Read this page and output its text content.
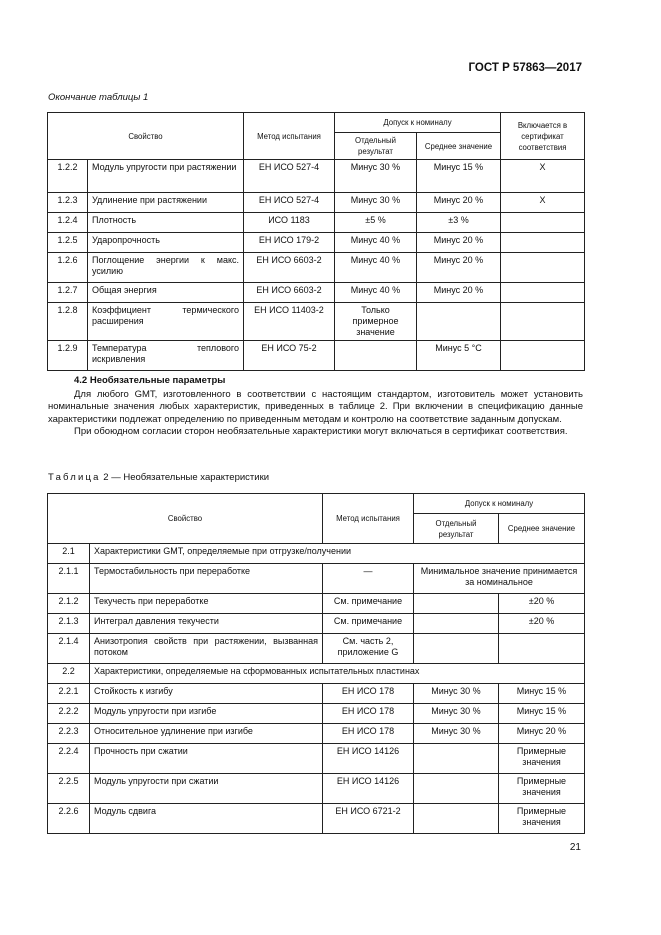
ГОСТ Р 57863—2017
Окончание таблицы 1
Свойство		Метод испытания	Допуск к номиналу		Включается в сертификат соответствия
			Отдельный результат	Среднее значение	
1.2.2	Модуль упругости при растяжении	ЕН ИСО 527-4	Минус 30 %	Минус 15 %	X
1.2.3	Удлинение при растяжении	ЕН ИСО 527-4	Минус 30 %	Минус 20 %	X
1.2.4	Плотность	ИСО 1183	±5 %	±3 %	
1.2.5	Ударопрочность	ЕН ИСО 179-2	Минус 40 %	Минус 20 %	
1.2.6	Поглощение энергии к макс. усилию	ЕН ИСО 6603-2	Минус 40 %	Минус 20 %	
1.2.7	Общая энергия	ЕН ИСО 6603-2	Минус 40 %	Минус 20 %	
1.2.8	Коэффициент термического расширения	ЕН ИСО 11403-2	Только примерное значение		
1.2.9	Температура теплового искривления	ЕН ИСО 75-2		Минус 5 °С	
4.2 Необязательные параметры

Для любого GMT, изготовленного в соответствии с настоящим стандартом, изготовитель может установить номинальные значения любых характеристик, приведенных в таблице 2. При включении в спецификацию данные характеристики подлежат определению по приведенным методам и контролю на соответствие заданным допускам.

При обоюдном согласии сторон необязательные характеристики могут включаться в сертификат соответствия.

Таблица 2 — Необязательные характеристики
Свойство		Метод испытания	Допуск к номиналу	
			Отдельный результат	Среднее значение
2.1	Характеристики GMT, определяемые при отгрузке/получении			
2.1.1	Термостабильность при переработке	—	Минимальное значение принимается за номинальное	
2.1.2	Текучесть при переработке	См. примечание		±20 %
2.1.3	Интеграл давления текучести	См. примечание		±20 %
2.1.4	Анизотропия свойств при растяжении, вызванная потоком	См. часть 2, приложение G		
2.2	Характеристики, определяемые на сформованных испытательных пластинах			
2.2.1	Стойкость к изгибу	ЕН ИСО 178	Минус 30 %	Минус 15 %
2.2.2	Модуль упругости при изгибе	ЕН ИСО 178	Минус 30 %	Минус 15 %
2.2.3	Относительное удлинение при изгибе	ЕН ИСО 178	Минус 30 %	Минус 20 %
2.2.4	Прочность при сжатии	ЕН ИСО 14126		Примерные значения
2.2.5	Модуль упругости при сжатии	ЕН ИСО 14126		Примерные значения
2.2.6	Модуль сдвига	ЕН ИСО 6721-2		Примерные значения
21
